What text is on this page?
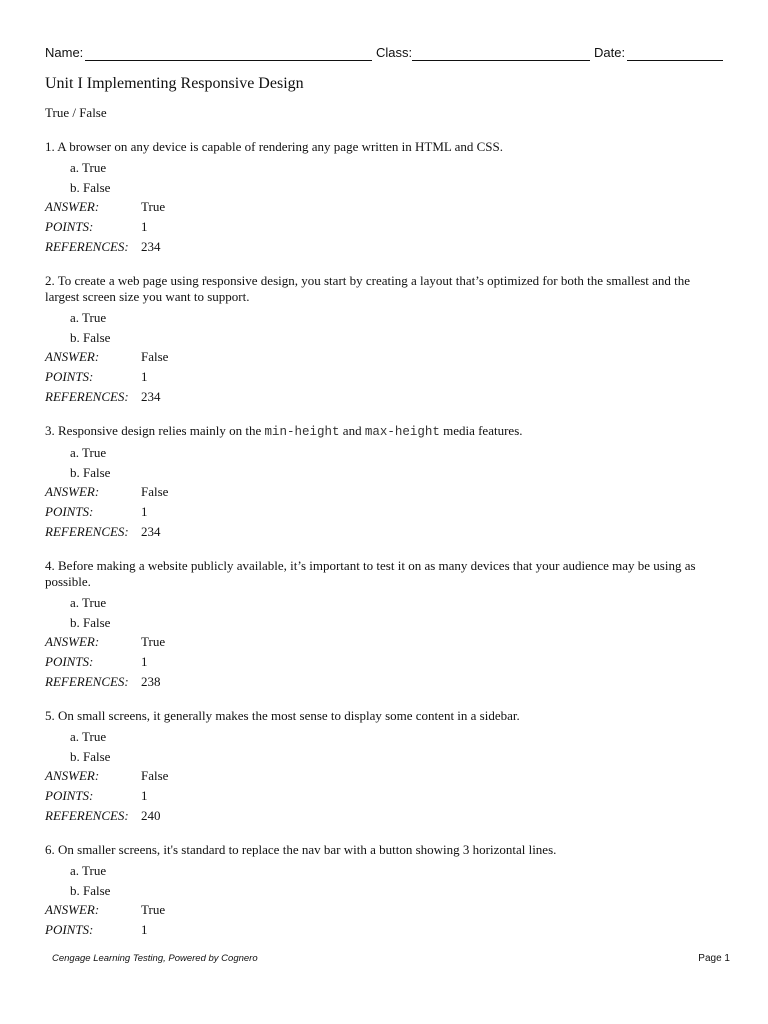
Name:	Class:	Date:
Unit I Implementing Responsive Design
True / False
1. A browser on any device is capable of rendering any page written in HTML and CSS.
a. True
b. False
ANSWER:	True
POINTS:	1
REFERENCES: 234
2. To create a web page using responsive design, you start by creating a layout that’s optimized for both the smallest and the largest screen size you want to support.
a. True
b. False
ANSWER:	False
POINTS:	1
REFERENCES: 234
3. Responsive design relies mainly on the min-height and max-height media features.
a. True
b. False
ANSWER:	False
POINTS:	1
REFERENCES: 234
4. Before making a website publicly available, it’s important to test it on as many devices that your audience may be using as possible.
a. True
b. False
ANSWER:	True
POINTS:	1
REFERENCES: 238
5. On small screens, it generally makes the most sense to display some content in a sidebar.
a. True
b. False
ANSWER:	False
POINTS:	1
REFERENCES: 240
6. On smaller screens, it's standard to replace the nav bar with a button showing 3 horizontal lines.
a. True
b. False
ANSWER:	True
POINTS:	1
Cengage Learning Testing, Powered by Cognero	Page 1
